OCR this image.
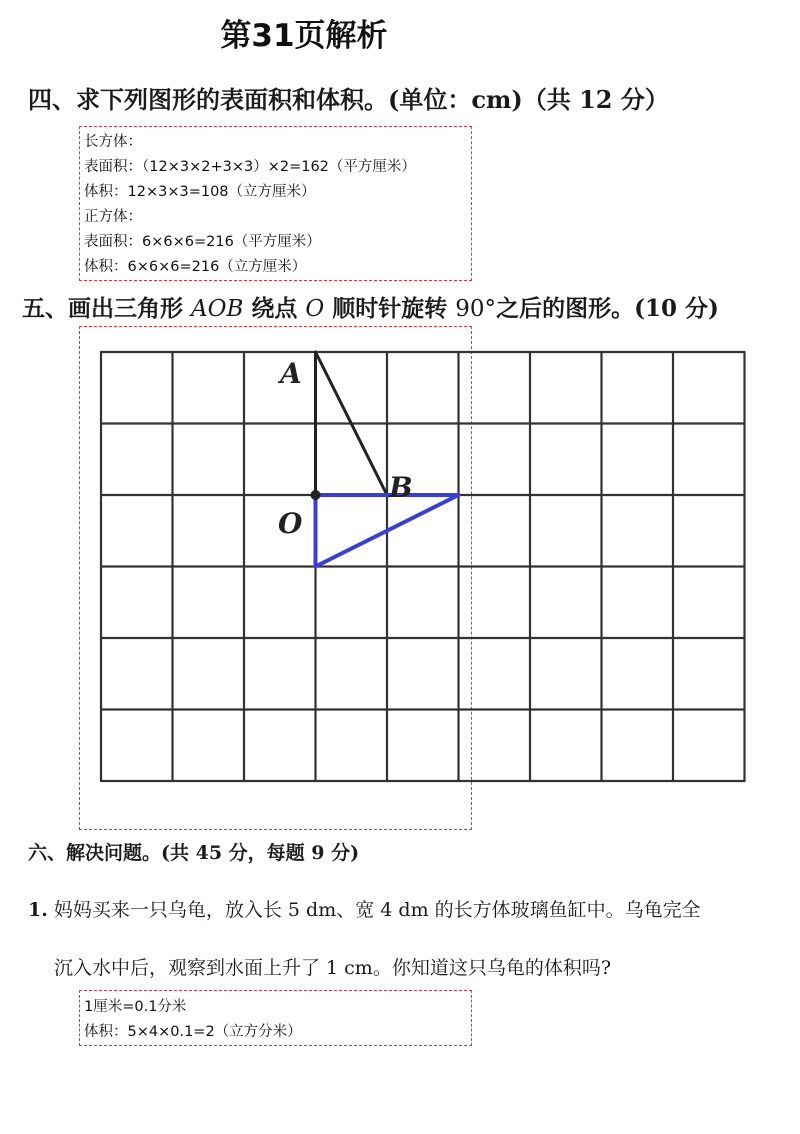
第31页解析
四、求下列图形的表面积和体积。(单位：cm)（共 12 分）
长方体：
表面积：（12×3×2+3×3）×2=162（平方厘米）
体积：12×3×3=108（立方厘米）
正方体：
表面积：6×6×6=216（平方厘米）
体积：6×6×6=216（立方厘米）
五、画出三角形 AOB 绕点 O 顺时针旋转 90°之后的图形。(10 分)
A
B
O
六、解决问题。(共 45 分，每题 9 分)
1. 妈妈买来一只乌龟，放入长 5 dm、宽 4 dm 的长方体玻璃鱼缸中。乌龟完全
沉入水中后，观察到水面上升了 1 cm。你知道这只乌龟的体积吗?
1厘米=0.1分米
体积：5×4×0.1=2（立方分米）
